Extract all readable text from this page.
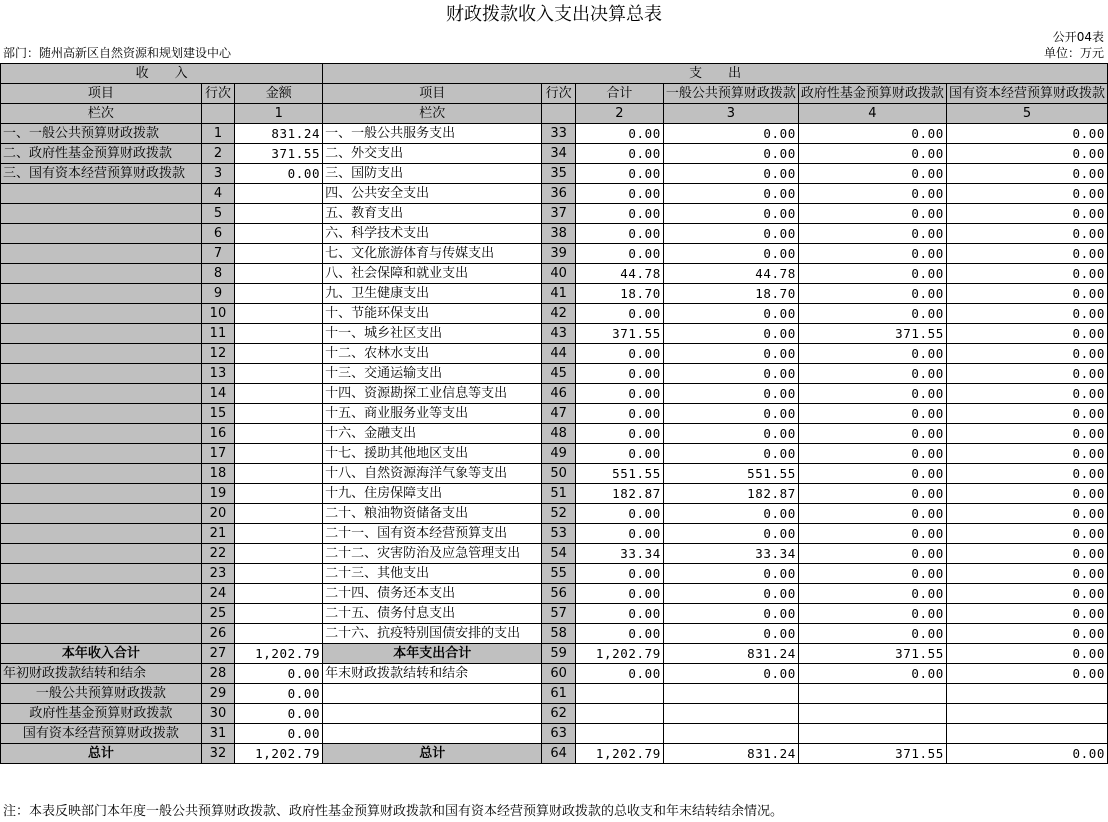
财政拨款收入支出决算总表
公开04表
部门：随州高新区自然资源和规划建设中心	单位：万元
收　　入			支　　出					
项目	行次	金额	项目	行次	合计	一般公共预算财政拨款	政府性基金预算财政拨款	国有资本经营预算财政拨款
栏次		1	栏次		2	3	4	5
一、一般公共预算财政拨款	1	831.24	一、一般公共服务支出	33	0.00	0.00	0.00	0.00
二、政府性基金预算财政拨款	2	371.55	二、外交支出	34	0.00	0.00	0.00	0.00
三、国有资本经营预算财政拨款	3	0.00	三、国防支出	35	0.00	0.00	0.00	0.00
	4		四、公共安全支出	36	0.00	0.00	0.00	0.00
	5		五、教育支出	37	0.00	0.00	0.00	0.00
	6		六、科学技术支出	38	0.00	0.00	0.00	0.00
	7		七、文化旅游体育与传媒支出	39	0.00	0.00	0.00	0.00
	8		八、社会保障和就业支出	40	44.78	44.78	0.00	0.00
	9		九、卫生健康支出	41	18.70	18.70	0.00	0.00
	10		十、节能环保支出	42	0.00	0.00	0.00	0.00
	11		十一、城乡社区支出	43	371.55	0.00	371.55	0.00
	12		十二、农林水支出	44	0.00	0.00	0.00	0.00
	13		十三、交通运输支出	45	0.00	0.00	0.00	0.00
	14		十四、资源勘探工业信息等支出	46	0.00	0.00	0.00	0.00
	15		十五、商业服务业等支出	47	0.00	0.00	0.00	0.00
	16		十六、金融支出	48	0.00	0.00	0.00	0.00
	17		十七、援助其他地区支出	49	0.00	0.00	0.00	0.00
	18		十八、自然资源海洋气象等支出	50	551.55	551.55	0.00	0.00
	19		十九、住房保障支出	51	182.87	182.87	0.00	0.00
	20		二十、粮油物资储备支出	52	0.00	0.00	0.00	0.00
	21		二十一、国有资本经营预算支出	53	0.00	0.00	0.00	0.00
	22		二十二、灾害防治及应急管理支出	54	33.34	33.34	0.00	0.00
	23		二十三、其他支出	55	0.00	0.00	0.00	0.00
	24		二十四、债务还本支出	56	0.00	0.00	0.00	0.00
	25		二十五、债务付息支出	57	0.00	0.00	0.00	0.00
	26		二十六、抗疫特别国债安排的支出	58	0.00	0.00	0.00	0.00
本年收入合计	27	1,202.79	本年支出合计	59	1,202.79	831.24	371.55	0.00
年初财政拨款结转和结余	28	0.00	年末财政拨款结转和结余	60	0.00	0.00	0.00	0.00
一般公共预算财政拨款	29	0.00		61				
政府性基金预算财政拨款	30	0.00		62				
国有资本经营预算财政拨款	31	0.00		63				
总计	32	1,202.79	总计	64	1,202.79	831.24	371.55	0.00
注：本表反映部门本年度一般公共预算财政拨款、政府性基金预算财政拨款和国有资本经营预算财政拨款的总收支和年末结转结余情况。
